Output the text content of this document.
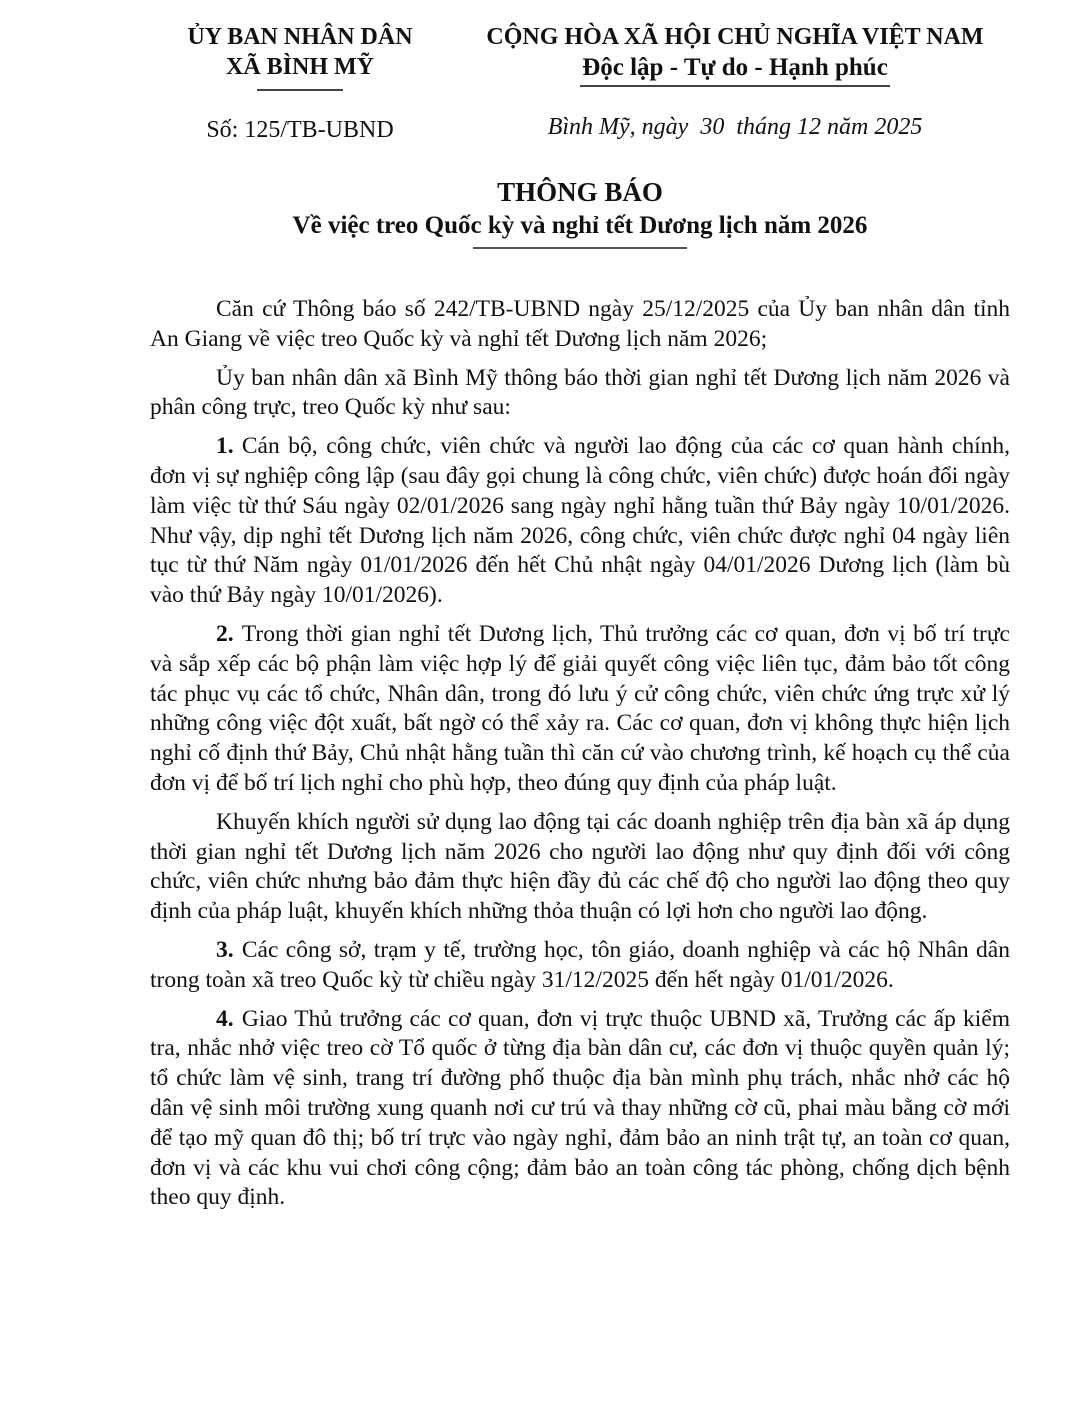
ỦY BAN NHÂN DÂN
XÃ BÌNH MỸ
Số: 125/TB-UBND
CỘNG HÒA XÃ HỘI CHỦ NGHĨA VIỆT NAM
Độc lập - Tự do - Hạnh phúc
Bình Mỹ, ngày  30  tháng 12 năm 2025
THÔNG BÁO
Về việc treo Quốc kỳ và nghỉ tết Dương lịch năm 2026

Căn cứ Thông báo số 242/TB-UBND ngày 25/12/2025 của Ủy ban nhân dân tỉnh An Giang về việc treo Quốc kỳ và nghỉ tết Dương lịch năm 2026;

Ủy ban nhân dân xã Bình Mỹ thông báo thời gian nghỉ tết Dương lịch năm 2026 và phân công trực, treo Quốc kỳ như sau:

1. Cán bộ, công chức, viên chức và người lao động của các cơ quan hành chính, đơn vị sự nghiệp công lập (sau đây gọi chung là công chức, viên chức) được hoán đổi ngày làm việc từ thứ Sáu ngày 02/01/2026 sang ngày nghỉ hằng tuần thứ Bảy ngày 10/01/2026. Như vậy, dịp nghỉ tết Dương lịch năm 2026, công chức, viên chức được nghỉ 04 ngày liên tục từ thứ Năm ngày 01/01/2026 đến hết Chủ nhật ngày 04/01/2026 Dương lịch (làm bù vào thứ Bảy ngày 10/01/2026).

2. Trong thời gian nghỉ tết Dương lịch, Thủ trưởng các cơ quan, đơn vị bố trí trực và sắp xếp các bộ phận làm việc hợp lý để giải quyết công việc liên tục, đảm bảo tốt công tác phục vụ các tổ chức, Nhân dân, trong đó lưu ý cử công chức, viên chức ứng trực xử lý những công việc đột xuất, bất ngờ có thể xảy ra. Các cơ quan, đơn vị không thực hiện lịch nghỉ cố định thứ Bảy, Chủ nhật hằng tuần thì căn cứ vào chương trình, kế hoạch cụ thể của đơn vị để bố trí lịch nghỉ cho phù hợp, theo đúng quy định của pháp luật.

Khuyến khích người sử dụng lao động tại các doanh nghiệp trên địa bàn xã áp dụng thời gian nghỉ tết Dương lịch năm 2026 cho người lao động như quy định đối với công chức, viên chức nhưng bảo đảm thực hiện đầy đủ các chế độ cho người lao động theo quy định của pháp luật, khuyến khích những thỏa thuận có lợi hơn cho người lao động.

3. Các công sở, trạm y tế, trường học, tôn giáo, doanh nghiệp và các hộ Nhân dân trong toàn xã treo Quốc kỳ từ chiều ngày 31/12/2025 đến hết ngày 01/01/2026.

4. Giao Thủ trưởng các cơ quan, đơn vị trực thuộc UBND xã, Trưởng các ấp kiểm tra, nhắc nhở việc treo cờ Tổ quốc ở từng địa bàn dân cư, các đơn vị thuộc quyền quản lý; tổ chức làm vệ sinh, trang trí đường phố thuộc địa bàn mình phụ trách, nhắc nhở các hộ dân vệ sinh môi trường xung quanh nơi cư trú và thay những cờ cũ, phai màu bằng cờ mới để tạo mỹ quan đô thị; bố trí trực vào ngày nghỉ, đảm bảo an ninh trật tự, an toàn cơ quan, đơn vị và các khu vui chơi công cộng; đảm bảo an toàn công tác phòng, chống dịch bệnh theo quy định.
